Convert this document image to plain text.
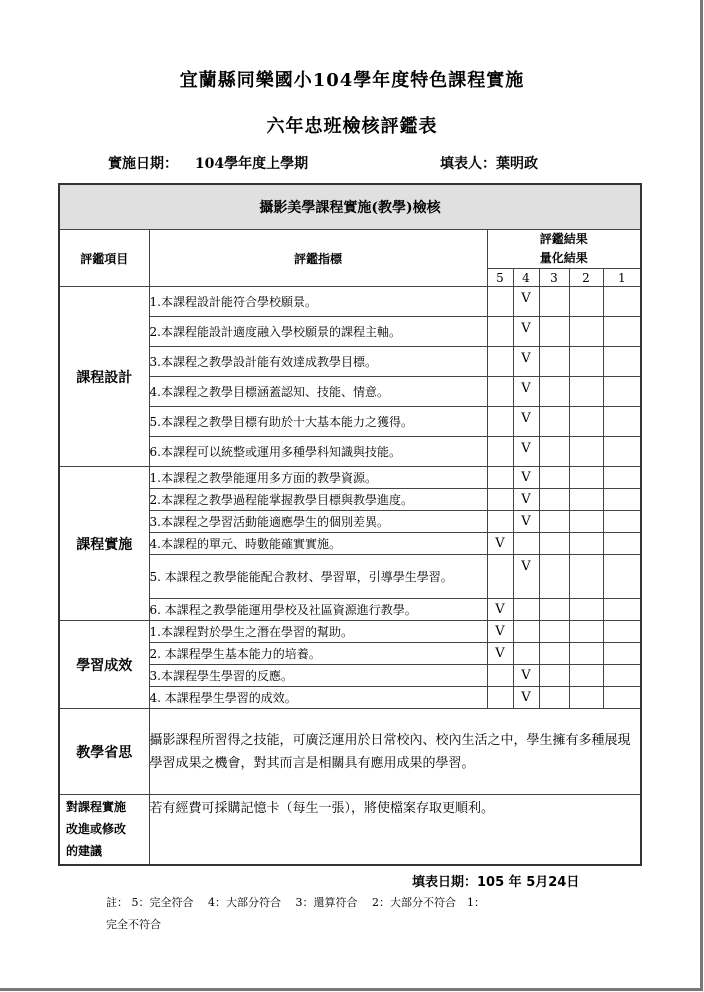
宜蘭縣同樂國小104學年度特色課程實施
六年忠班檢核評鑑表
實施日期： 104學年度上學期	填表人：葉明政
攝影美學課程實施(教學)檢核						
評鑑項目	評鑑指標	評鑑結果
量化結果				

		5	4	3	2	1
課程設計	1.本課程設計能符合學校願景。		V			
	2.本課程能設計適度融入學校願景的課程主軸。		V			
	3.本課程之教學設計能有效達成教學目標。		V			
	4.本課程之教學目標涵蓋認知、技能、情意。		V			
	5.本課程之教學目標有助於十大基本能力之獲得。		V			
	6.本課程可以統整或運用多種學科知識與技能。		V			
課程實施	1.本課程之教學能運用多方面的教學資源。		V			
	2.本課程之教學過程能掌握教學目標與教學進度。		V			
	3.本課程之學習活動能適應學生的個別差異。		V			
	4.本課程的單元、時數能確實實施。	V				
	5. 本課程之教學能能配合教材、學習單，引導學生學習。		V			
	6. 本課程之教學能運用學校及社區資源進行教學。	V				
學習成效	1.本課程對於學生之潛在學習的幫助。	V				
	2. 本課程學生基本能力的培養。	V				
	3.本課程學生學習的反應。		V			
	4. 本課程學生學習的成效。		V			
教學省思	攝影課程所習得之技能，可廣泛運用於日常校內、校內生活之中，學生擁有多種展現學習成果之機會，對其而言是相關具有應用成果的學習。					

對課程實施
改進或修改
的建議	若有經費可採購記憶卡（每生一張），將使檔案存取更順利。					
填表日期：105 年 5月24日
註： 5：完全符合　 4：大部分符合　 3：還算符合　 2：大部分不符合　1：
完全不符合
